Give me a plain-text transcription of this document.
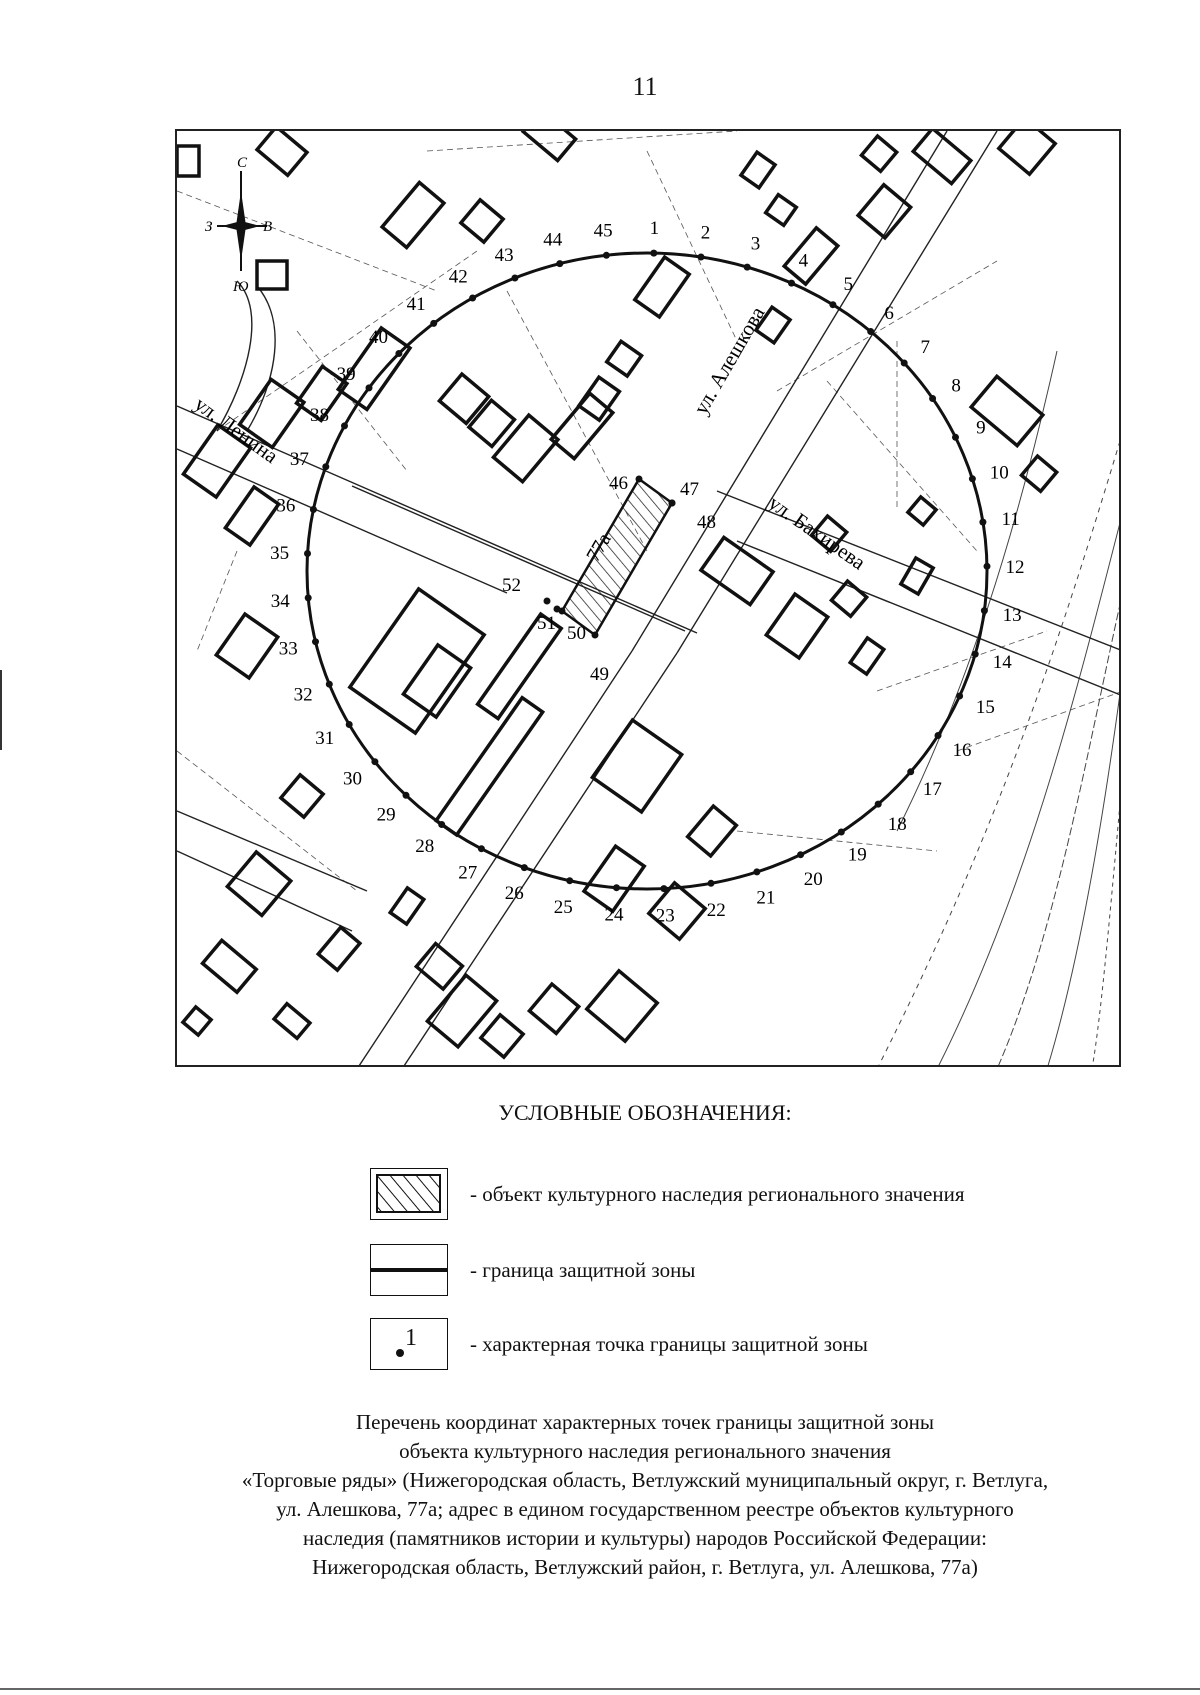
11
1 2
3
4
5
6
7
8
9
10
11
12
13
14
15
16
17
18
19
20
21
22
23
24
25
26
27
28
29
30
31
32
33
34
35
36
37
38
39
40
41
42
43
44 45
46	47
48
49
50
51
52
ул. Ленина
ул. Алешкова
ул. Бахирева
77а
С
З	В
Ю
УСЛОВНЫЕ ОБОЗНАЧЕНИЯ:
- объект культурного наследия регионального значения
- граница защитной зоны
1	- характерная точка границы защитной зоны
Перечень координат характерных точек границы защитной зоны
объекта культурного наследия регионального значения
«Торговые ряды» (Нижегородская область, Ветлужский муниципальный округ, г. Ветлуга,
ул. Алешкова, 77а; адрес в едином государственном реестре объектов культурного
наследия (памятников истории и культуры) народов Российской Федерации:
Нижегородская область, Ветлужский район, г. Ветлуга, ул. Алешкова, 77а)
